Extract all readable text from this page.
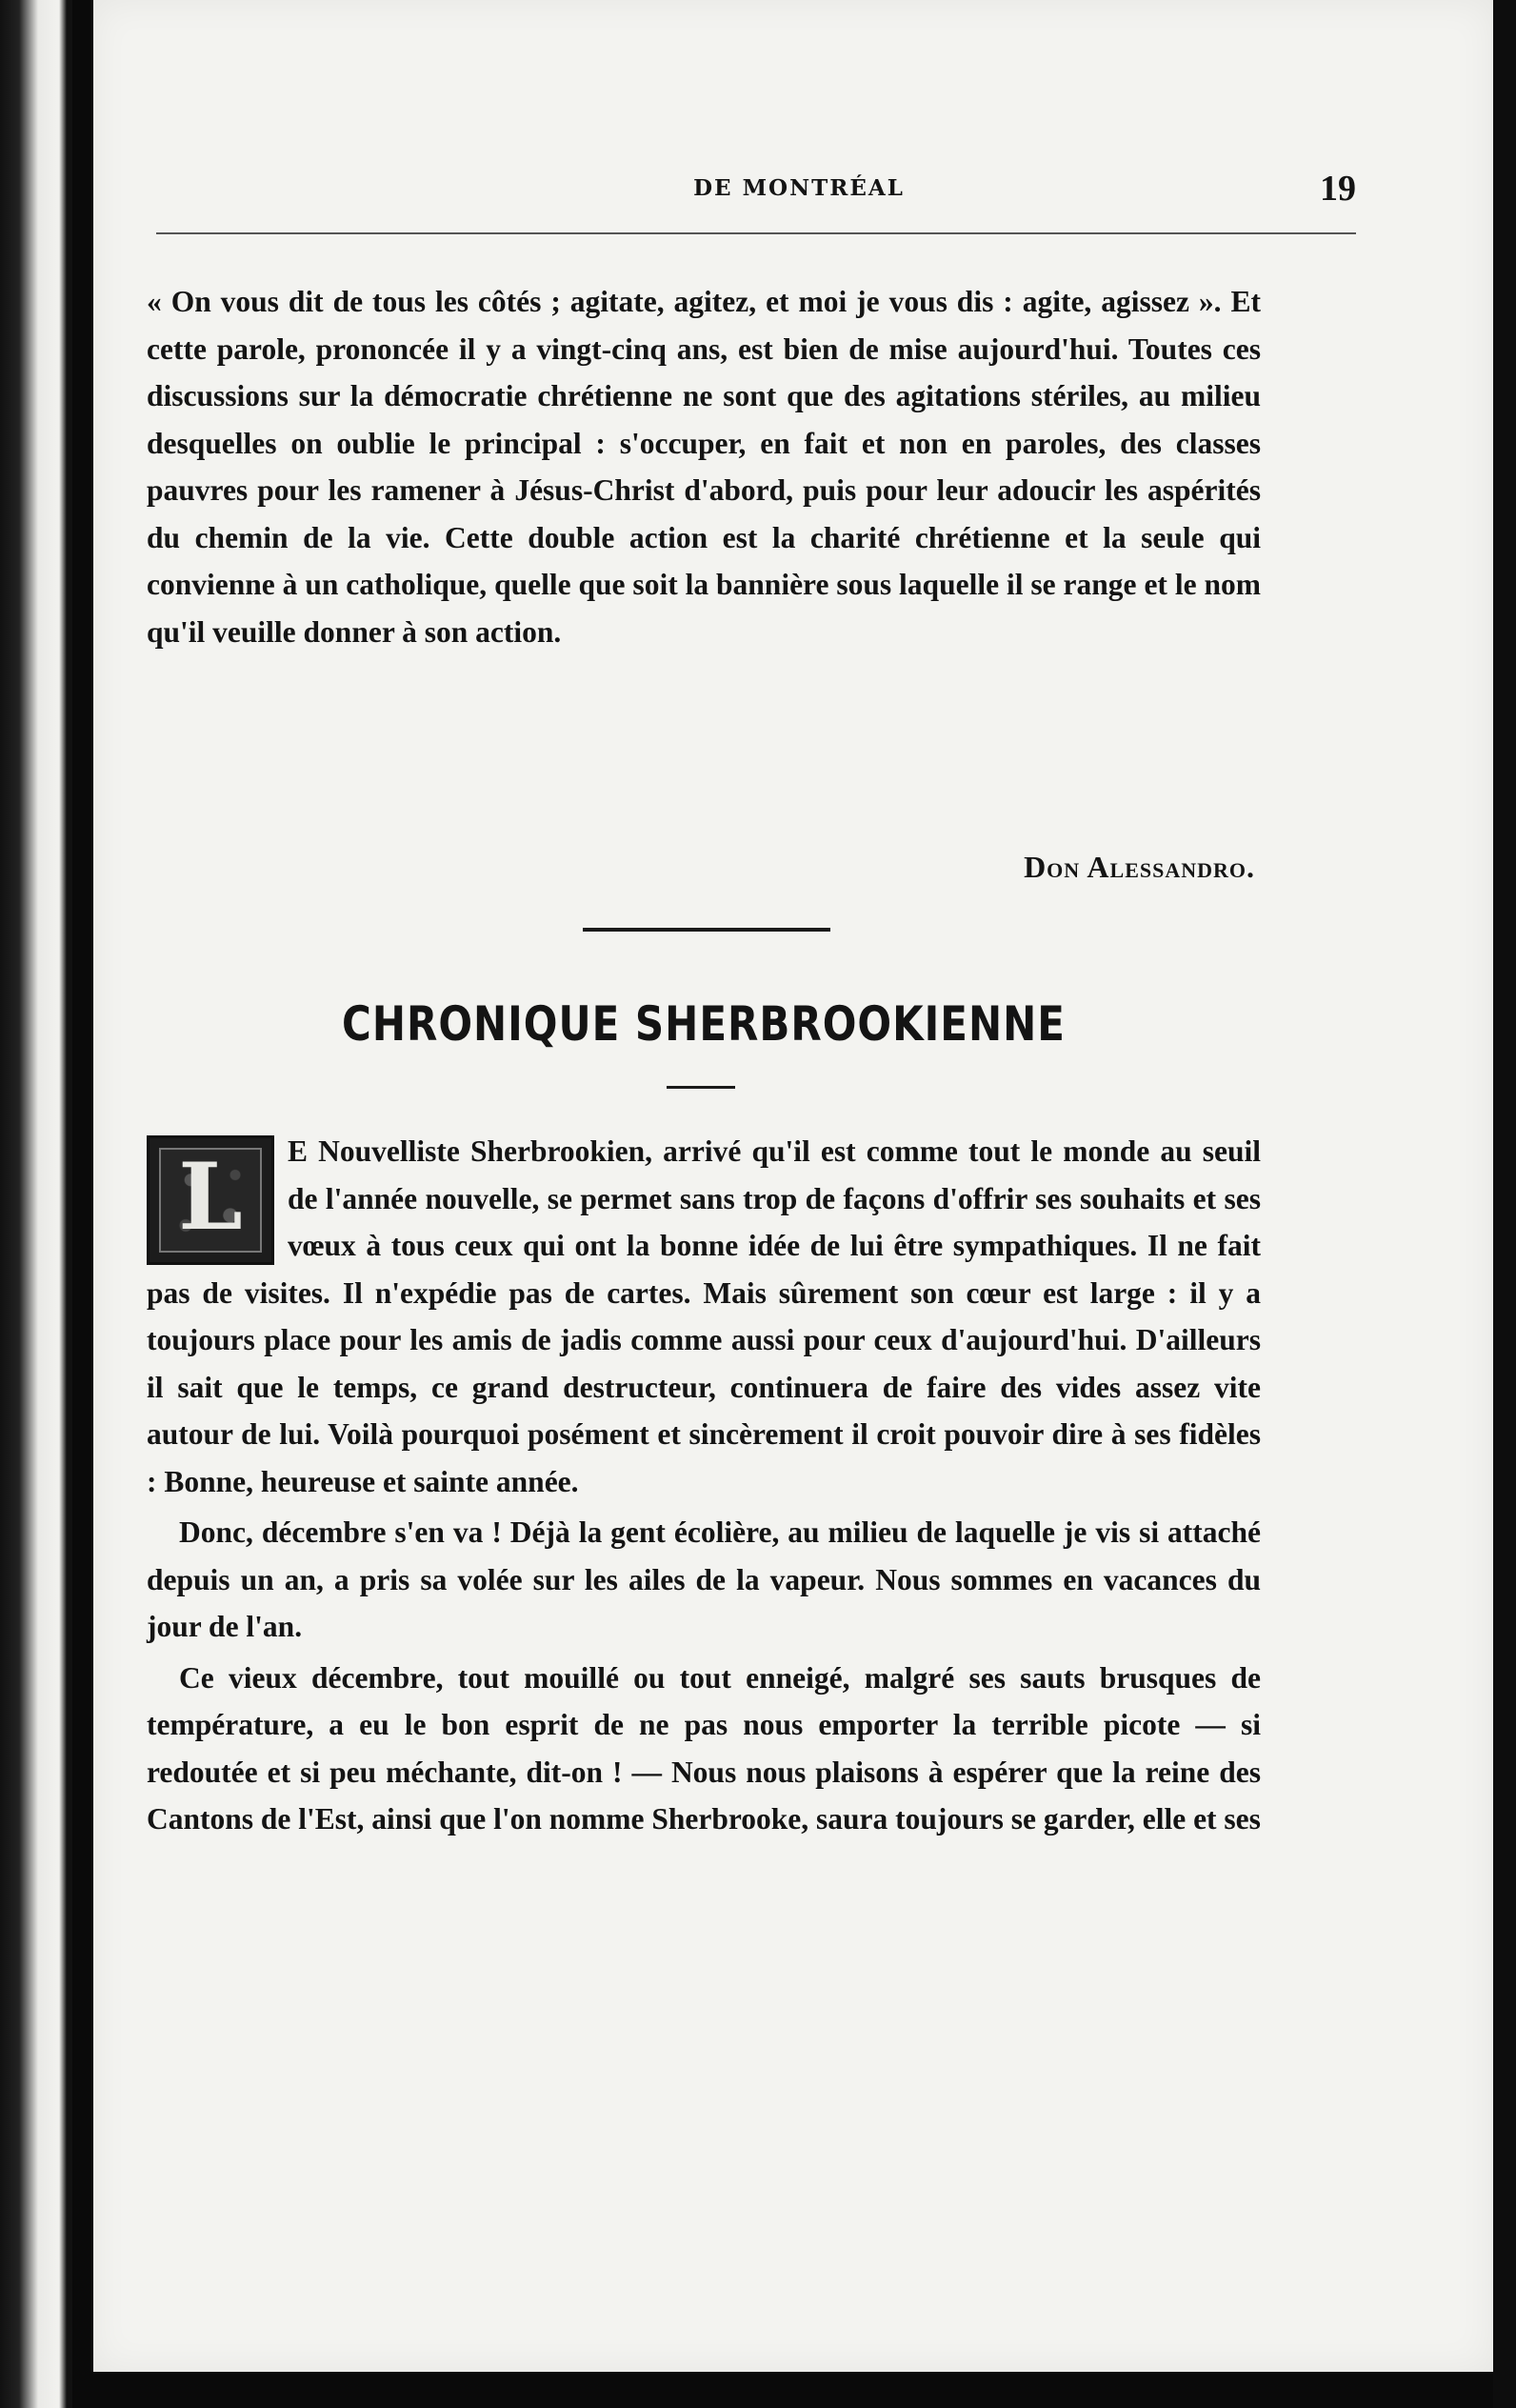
DE MONTRÉAL	19

« On vous dit de tous les côtés ; agitate, agitez, et moi je vous dis : agite, agissez ». Et cette parole, prononcée il y a vingt-cinq ans, est bien de mise aujourd'hui. Toutes ces discussions sur la démocratie chrétienne ne sont que des agitations stériles, au milieu desquelles on oublie le principal : s'occuper, en fait et non en paroles, des classes pauvres pour les ramener à Jésus-Christ d'abord, puis pour leur adoucir les aspérités du chemin de la vie. Cette double action est la charité chrétienne et la seule qui convienne à un catholique, quelle que soit la bannière sous laquelle il se range et le nom qu'il veuille donner à son action.

Don Alessandro.
CHRONIQUE SHERBROOKIENNE
L	E Nouvelliste Sherbrookien, arrivé qu'il est comme tout le monde au seuil de l'année nouvelle, se permet sans trop de façons d'offrir ses souhaits et ses vœux à tous ceux qui ont la bonne idée de lui être sympathiques. Il ne fait pas de visites. Il n'expédie pas de cartes. Mais sûrement son cœur est large : il y a toujours place pour les amis de jadis comme aussi pour ceux d'aujourd'hui. D'ailleurs il sait que le temps, ce grand destructeur, continuera de faire des vides assez vite autour de lui. Voilà pourquoi posément et sincèrement il croit pouvoir dire à ses fidèles : Bonne, heureuse et sainte année.

Donc, décembre s'en va ! Déjà la gent écolière, au milieu de laquelle je vis si attaché depuis un an, a pris sa volée sur les ailes de la vapeur. Nous sommes en vacances du jour de l'an.

Ce vieux décembre, tout mouillé ou tout enneigé, malgré ses sauts brusques de température, a eu le bon esprit de ne pas nous emporter la terrible picote — si redoutée et si peu méchante, dit-on ! — Nous nous plaisons à espérer que la reine des Cantons de l'Est, ainsi que l'on nomme Sherbrooke, saura toujours se garder, elle et ses
